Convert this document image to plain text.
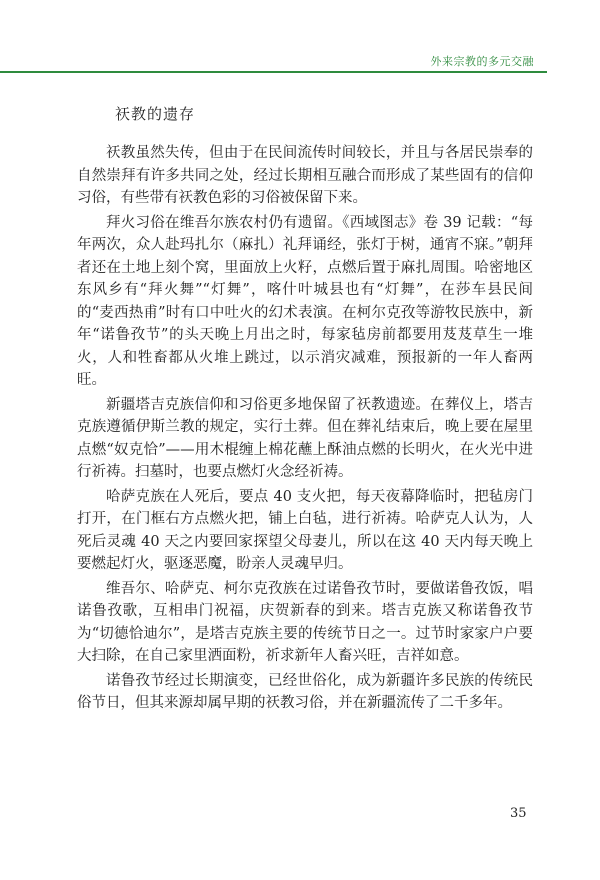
外来宗教的多元交融
祆教的遗存

祆教虽然失传，但由于在民间流传时间较长，并且与各居民崇奉的自然崇拜有许多共同之处，经过长期相互融合而形成了某些固有的信仰习俗，有些带有祆教色彩的习俗被保留下来。

拜火习俗在维吾尔族农村仍有遗留。《西域图志》卷 39 记载：“每年两次，众人赴玛扎尔（麻扎）礼拜诵经，张灯于树，通宵不寐。”朝拜者还在土地上刻个窝，里面放上火籽，点燃后置于麻扎周围。哈密地区东风乡有“拜火舞”“灯舞”，喀什叶城县也有“灯舞”，在莎车县民间的“麦西热甫”时有口中吐火的幻术表演。在柯尔克孜等游牧民族中，新年“诺鲁孜节”的头天晚上月出之时，每家毡房前都要用芨芨草生一堆火，人和牲畜都从火堆上跳过，以示消灾减难，预报新的一年人畜两旺。

新疆塔吉克族信仰和习俗更多地保留了祆教遗迹。在葬仪上，塔吉克族遵循伊斯兰教的规定，实行土葬。但在葬礼结束后，晚上要在屋里点燃“奴克恰”——用木棍缠上棉花蘸上酥油点燃的长明火，在火光中进行祈祷。扫墓时，也要点燃灯火念经祈祷。

哈萨克族在人死后，要点 40 支火把，每天夜幕降临时，把毡房门打开，在门框右方点燃火把，铺上白毡，进行祈祷。哈萨克人认为，人死后灵魂 40 天之内要回家探望父母妻儿，所以在这 40 天内每天晚上要燃起灯火，驱逐恶魔，盼亲人灵魂早归。

维吾尔、哈萨克、柯尔克孜族在过诺鲁孜节时，要做诺鲁孜饭，唱诺鲁孜歌，互相串门祝福，庆贺新春的到来。塔吉克族又称诺鲁孜节为“切德恰迪尔”，是塔吉克族主要的传统节日之一。过节时家家户户要大扫除，在自己家里洒面粉，祈求新年人畜兴旺，吉祥如意。

诺鲁孜节经过长期演变，已经世俗化，成为新疆许多民族的传统民俗节日，但其来源却属早期的祆教习俗，并在新疆流传了二千多年。

35
